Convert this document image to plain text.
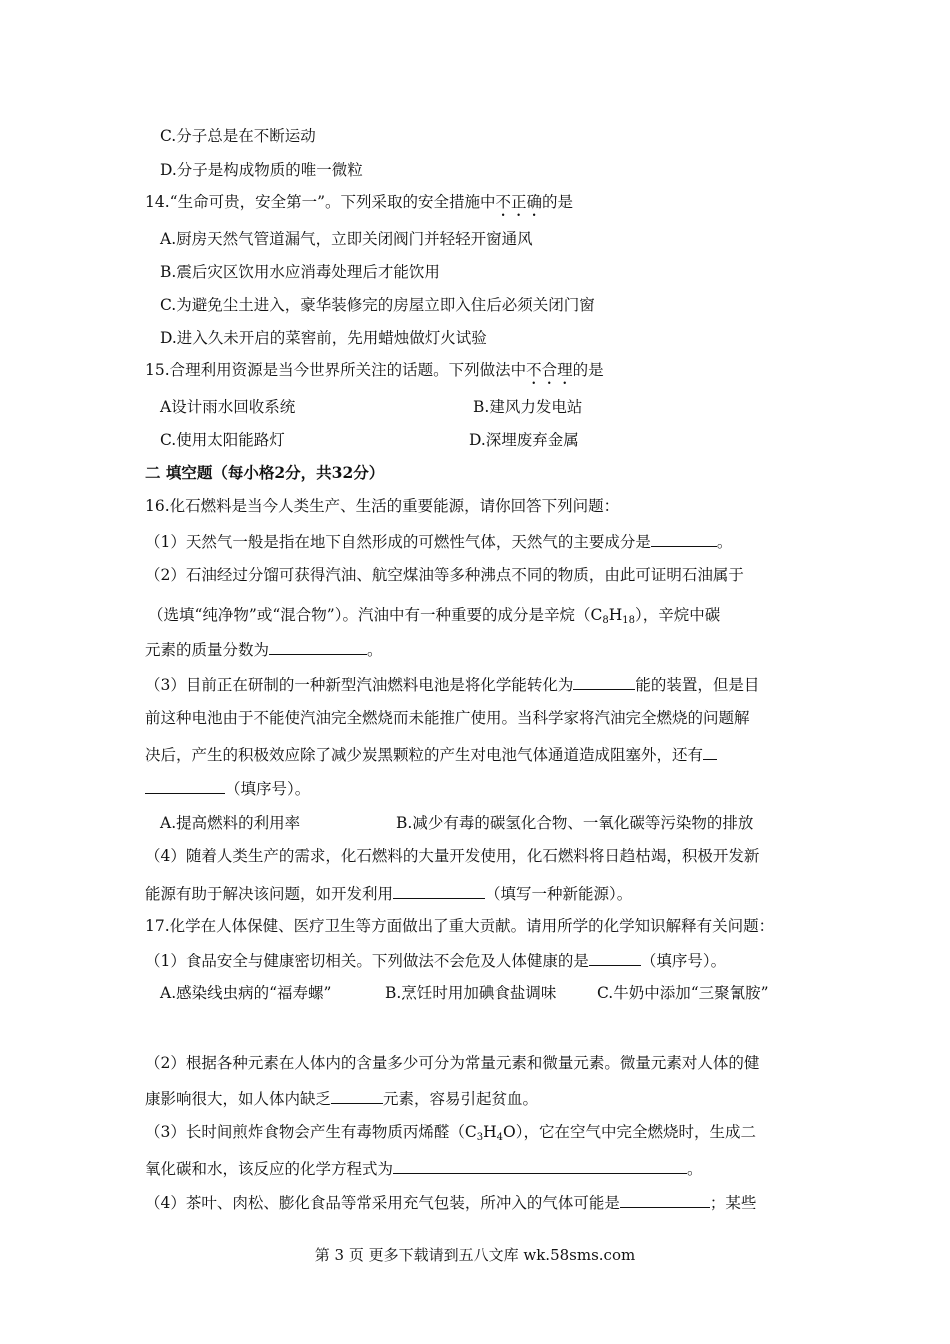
C.分子总是在不断运动
D.分子是构成物质的唯一微粒
14.“生命可贵，安全第一”。下列采取的安全措施中不正确的是
A.厨房天然气管道漏气，立即关闭阀门并轻轻开窗通风
B.震后灾区饮用水应消毒处理后才能饮用
C.为避免尘土进入，豪华装修完的房屋立即入住后必须关闭门窗
D.进入久未开启的菜窖前，先用蜡烛做灯火试验
15.合理利用资源是当今世界所关注的话题。下列做法中不合理的是
A设计雨水回收系统	B.建风力发电站
C.使用太阳能路灯	D.深埋废弃金属
二 填空题（每小格2分，共32分）
16.化石燃料是当今人类生产、生活的重要能源，请你回答下列问题：
（1）天然气一般是指在地下自然形成的可燃性气体，天然气的主要成分是	。
（2）石油经过分馏可获得汽油、航空煤油等多种沸点不同的物质，由此可证明石油属于
（选填“纯净物”或“混合物”）。汽油中有一种重要的成分是辛烷$(C_8H_{18})$，辛烷中碳
元素的质量分数为	。
（3）目前正在研制的一种新型汽油燃料电池是将化学能转化为	能的装置，但是目
前这种电池由于不能使汽油完全燃烧而未能推广使用。当科学家将汽油完全燃烧的问题解
决后，产生的积极效应除了减少炭黑颗粒的产生对电池气体通道造成阻塞外，还有
（填序号）。
A.提高燃料的利用率	B.减少有毒的碳氢化合物、一氧化碳等污染物的排放
（4）随着人类生产的需求，化石燃料的大量开发使用，化石燃料将日趋枯竭，积极开发新
能源有助于解决该问题，如开发利用	（填写一种新能源）。
17.化学在人体保健、医疗卫生等方面做出了重大贡献。请用所学的化学知识解释有关问题：
（1）食品安全与健康密切相关。下列做法不会危及人体健康的是	（填序号）。
A.感染线虫病的“福寿螺”	B.烹饪时用加碘食盐调味	C.牛奶中添加“三聚氰胺”
（2）根据各种元素在人体内的含量多少可分为常量元素和微量元素。微量元素对人体的健
康影响很大，如人体内缺乏	元素，容易引起贫血。
（3）长时间煎炸食物会产生有毒物质丙烯醛$(C_3H_4O)$，它在空气中完全燃烧时，生成二
氧化碳和水，该反应的化学方程式为	。
（4）茶叶、肉松、膨化食品等常采用充气包装，所冲入的气体可能是	；某些
第 3 页 更多下载请到五八文库 wk.58sms.com
